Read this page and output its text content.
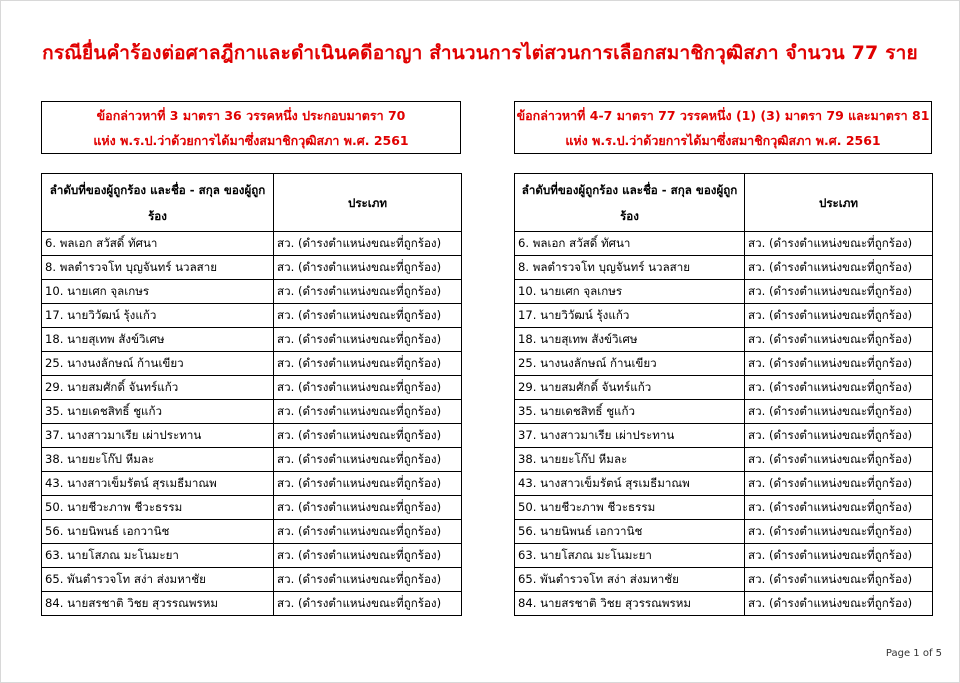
กรณียื่นคำร้องต่อศาลฎีกาและดำเนินคดีอาญา สำนวนการไต่สวนการเลือกสมาชิกวุฒิสภา จำนวน 77 ราย
ข้อกล่าวหาที่ 3 มาตรา 36 วรรคหนึ่ง ประกอบมาตรา 70
แห่ง พ.ร.ป.ว่าด้วยการได้มาซึ่งสมาชิกวุฒิสภา พ.ศ. 2561
ข้อกล่าวหาที่ 4-7 มาตรา 77 วรรคหนึ่ง (1) (3) มาตรา 79 และมาตรา 81
แห่ง พ.ร.ป.ว่าด้วยการได้มาซึ่งสมาชิกวุฒิสภา พ.ศ. 2561
ลำดับที่ของผู้ถูกร้อง และชื่อ - สกุล ของผู้ถูกร้อง	ประเภท
6. พลเอก สวัสดิ์ ทัศนา	สว. (ดำรงตำแหน่งขณะที่ถูกร้อง)
8. พลตำรวจโท บุญจันทร์ นวลสาย	สว. (ดำรงตำแหน่งขณะที่ถูกร้อง)
10. นายเศก จุลเกษร	สว. (ดำรงตำแหน่งขณะที่ถูกร้อง)
17. นายวิวัฒน์ รุ้งแก้ว	สว. (ดำรงตำแหน่งขณะที่ถูกร้อง)
18. นายสุเทพ สังข์วิเศษ	สว. (ดำรงตำแหน่งขณะที่ถูกร้อง)
25. นางนงลักษณ์ ก้านเขียว	สว. (ดำรงตำแหน่งขณะที่ถูกร้อง)
29. นายสมศักดิ์ จันทร์แก้ว	สว. (ดำรงตำแหน่งขณะที่ถูกร้อง)
35. นายเดชสิทธิ์ ชูแก้ว	สว. (ดำรงตำแหน่งขณะที่ถูกร้อง)
37. นางสาวมาเรีย เผ่าประทาน	สว. (ดำรงตำแหน่งขณะที่ถูกร้อง)
38. นายยะโก๊ป หีมละ	สว. (ดำรงตำแหน่งขณะที่ถูกร้อง)
43. นางสาวเข็มรัตน์ สุรเมธีมาณพ	สว. (ดำรงตำแหน่งขณะที่ถูกร้อง)
50. นายชีวะภาพ ชีวะธรรม	สว. (ดำรงตำแหน่งขณะที่ถูกร้อง)
56. นายนิพนธ์ เอกวานิช	สว. (ดำรงตำแหน่งขณะที่ถูกร้อง)
63. นายโสภณ มะโนมะยา	สว. (ดำรงตำแหน่งขณะที่ถูกร้อง)
65. พันตำรวจโท สง่า ส่งมหาชัย	สว. (ดำรงตำแหน่งขณะที่ถูกร้อง)
84. นายสรชาติ วิชย สุวรรณพรหม	สว. (ดำรงตำแหน่งขณะที่ถูกร้อง)
ลำดับที่ของผู้ถูกร้อง และชื่อ - สกุล ของผู้ถูกร้อง	ประเภท
6. พลเอก สวัสดิ์ ทัศนา	สว. (ดำรงตำแหน่งขณะที่ถูกร้อง)
8. พลตำรวจโท บุญจันทร์ นวลสาย	สว. (ดำรงตำแหน่งขณะที่ถูกร้อง)
10. นายเศก จุลเกษร	สว. (ดำรงตำแหน่งขณะที่ถูกร้อง)
17. นายวิวัฒน์ รุ้งแก้ว	สว. (ดำรงตำแหน่งขณะที่ถูกร้อง)
18. นายสุเทพ สังข์วิเศษ	สว. (ดำรงตำแหน่งขณะที่ถูกร้อง)
25. นางนงลักษณ์ ก้านเขียว	สว. (ดำรงตำแหน่งขณะที่ถูกร้อง)
29. นายสมศักดิ์ จันทร์แก้ว	สว. (ดำรงตำแหน่งขณะที่ถูกร้อง)
35. นายเดชสิทธิ์ ชูแก้ว	สว. (ดำรงตำแหน่งขณะที่ถูกร้อง)
37. นางสาวมาเรีย เผ่าประทาน	สว. (ดำรงตำแหน่งขณะที่ถูกร้อง)
38. นายยะโก๊ป หีมละ	สว. (ดำรงตำแหน่งขณะที่ถูกร้อง)
43. นางสาวเข็มรัตน์ สุรเมธีมาณพ	สว. (ดำรงตำแหน่งขณะที่ถูกร้อง)
50. นายชีวะภาพ ชีวะธรรม	สว. (ดำรงตำแหน่งขณะที่ถูกร้อง)
56. นายนิพนธ์ เอกวานิช	สว. (ดำรงตำแหน่งขณะที่ถูกร้อง)
63. นายโสภณ มะโนมะยา	สว. (ดำรงตำแหน่งขณะที่ถูกร้อง)
65. พันตำรวจโท สง่า ส่งมหาชัย	สว. (ดำรงตำแหน่งขณะที่ถูกร้อง)
84. นายสรชาติ วิชย สุวรรณพรหม	สว. (ดำรงตำแหน่งขณะที่ถูกร้อง)
Page 1 of 5
